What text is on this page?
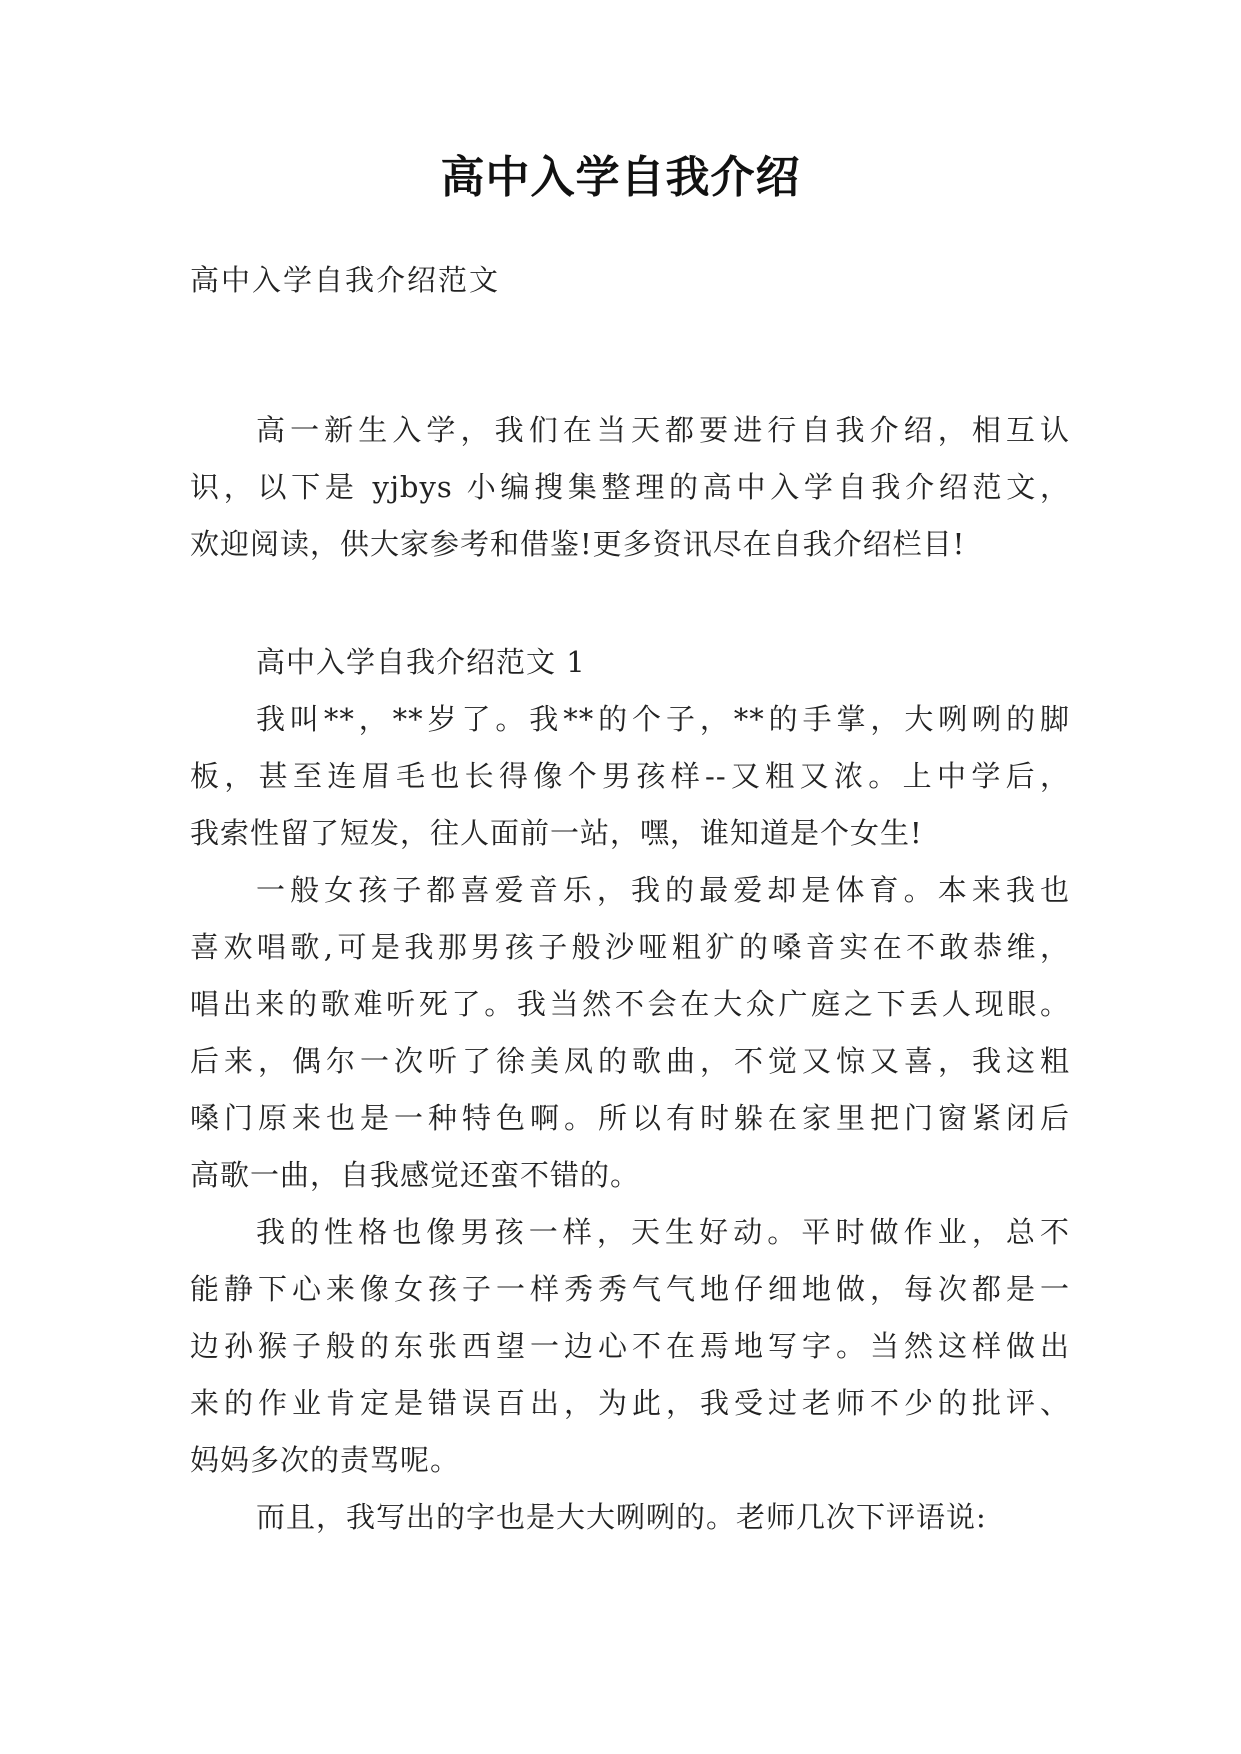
高中入学自我介绍
高中入学自我介绍范文
高一新生入学，我们在当天都要进行自我介绍，相互认
识，以下是 yjbys 小编搜集整理的高中入学自我介绍范文，
欢迎阅读，供大家参考和借鉴!更多资讯尽在自我介绍栏目!
高中入学自我介绍范文 1
我叫**，**岁了。我**的个子，**的手掌，大咧咧的脚
板，甚至连眉毛也长得像个男孩样--又粗又浓。上中学后，
我索性留了短发，往人面前一站，嘿，谁知道是个女生!
一般女孩子都喜爱音乐，我的最爱却是体育。本来我也
喜欢唱歌,可是我那男孩子般沙哑粗犷的嗓音实在不敢恭维，
唱出来的歌难听死了。我当然不会在大众广庭之下丢人现眼。
后来，偶尔一次听了徐美凤的歌曲，不觉又惊又喜，我这粗
嗓门原来也是一种特色啊。所以有时躲在家里把门窗紧闭后
高歌一曲，自我感觉还蛮不错的。
我的性格也像男孩一样，天生好动。平时做作业，总不
能静下心来像女孩子一样秀秀气气地仔细地做，每次都是一
边孙猴子般的东张西望一边心不在焉地写字。当然这样做出
来的作业肯定是错误百出，为此，我受过老师不少的批评、
妈妈多次的责骂呢。
而且，我写出的字也是大大咧咧的。老师几次下评语说:
